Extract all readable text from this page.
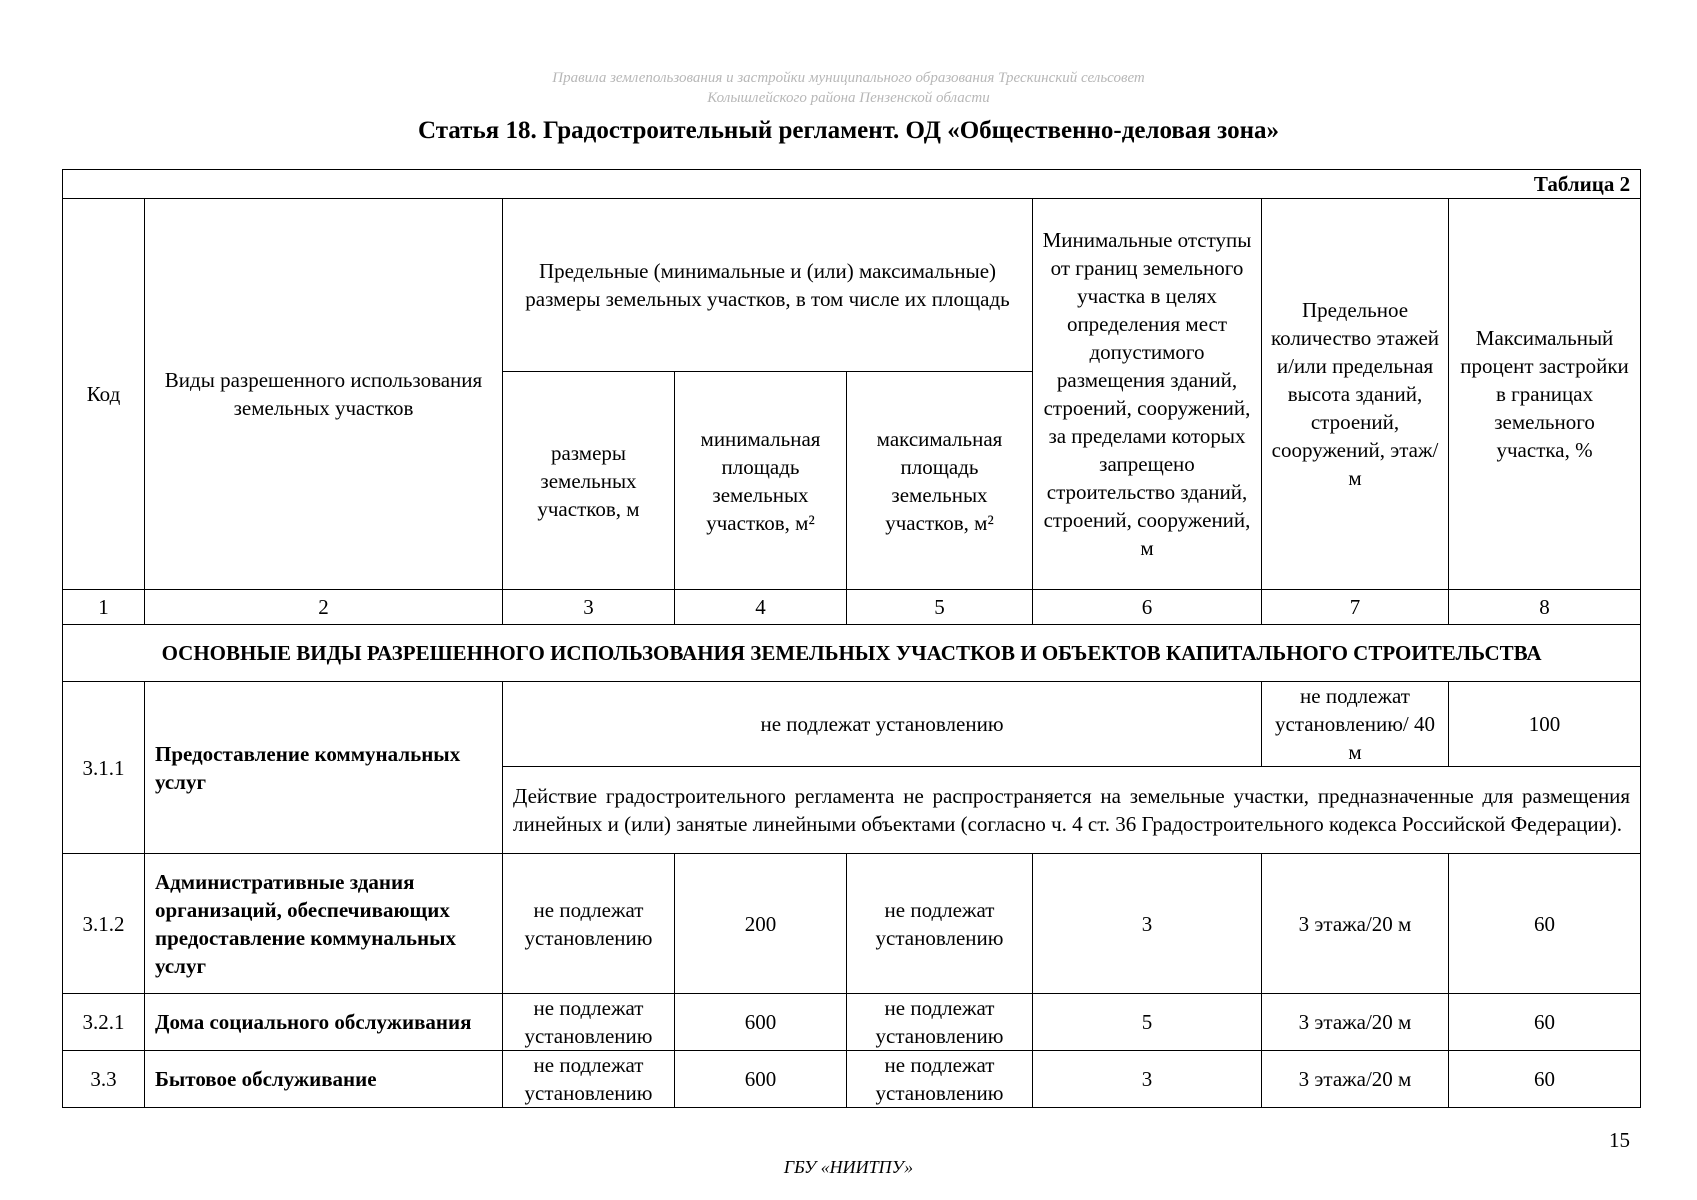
Правила землепользования и застройки муниципального образования Трескинский сельсовет
Колышлейского района Пензенской области
Статья 18. Градостроительный регламент. ОД «Общественно-деловая зона»
Таблица 2							
Код	Виды разрешенного использования земельных участков	Предельные (минимальные и (или) максимальные) размеры земельных участков, в том числе их площадь			Минимальные отступы от границ земельного участка в целях определения мест допустимого размещения зданий, строений, сооружений, за пределами которых запрещено строительство зданий, строений, сооружений, м	Предельное количество этажей и/или предельная высота зданий, строений, сооружений, этаж/м	Максимальный процент застройки в границах земельного участка, %
		размеры земельных участков, м	минимальная площадь земельных участков, м²	максимальная площадь земельных участков, м²			
1	2	3	4	5	6	7	8
ОСНОВНЫЕ ВИДЫ РАЗРЕШЕННОГО ИСПОЛЬЗОВАНИЯ ЗЕМЕЛЬНЫХ УЧАСТКОВ И ОБЪЕКТОВ КАПИТАЛЬНОГО СТРОИТЕЛЬСТВА							
3.1.1	Предоставление коммунальных услуг	не подлежат установлению				не подлежат установлению/ 40 м	100
		Действие градостроительного регламента не распространяется на земельные участки, предназначенные для размещения линейных и (или) занятые линейными объектами (согласно ч. 4 ст. 36 Градостроительного кодекса Российской Федерации).					
3.1.2	Административные здания организаций, обеспечивающих предоставление коммунальных услуг	не подлежат установлению	200	не подлежат установлению	3	3 этажа/20 м	60
3.2.1	Дома социального обслуживания	не подлежат установлению	600	не подлежат установлению	5	3 этажа/20 м	60
3.3	Бытовое обслуживание	не подлежат установлению	600	не подлежат установлению	3	3 этажа/20 м	60
15
ГБУ «НИИТПУ»
